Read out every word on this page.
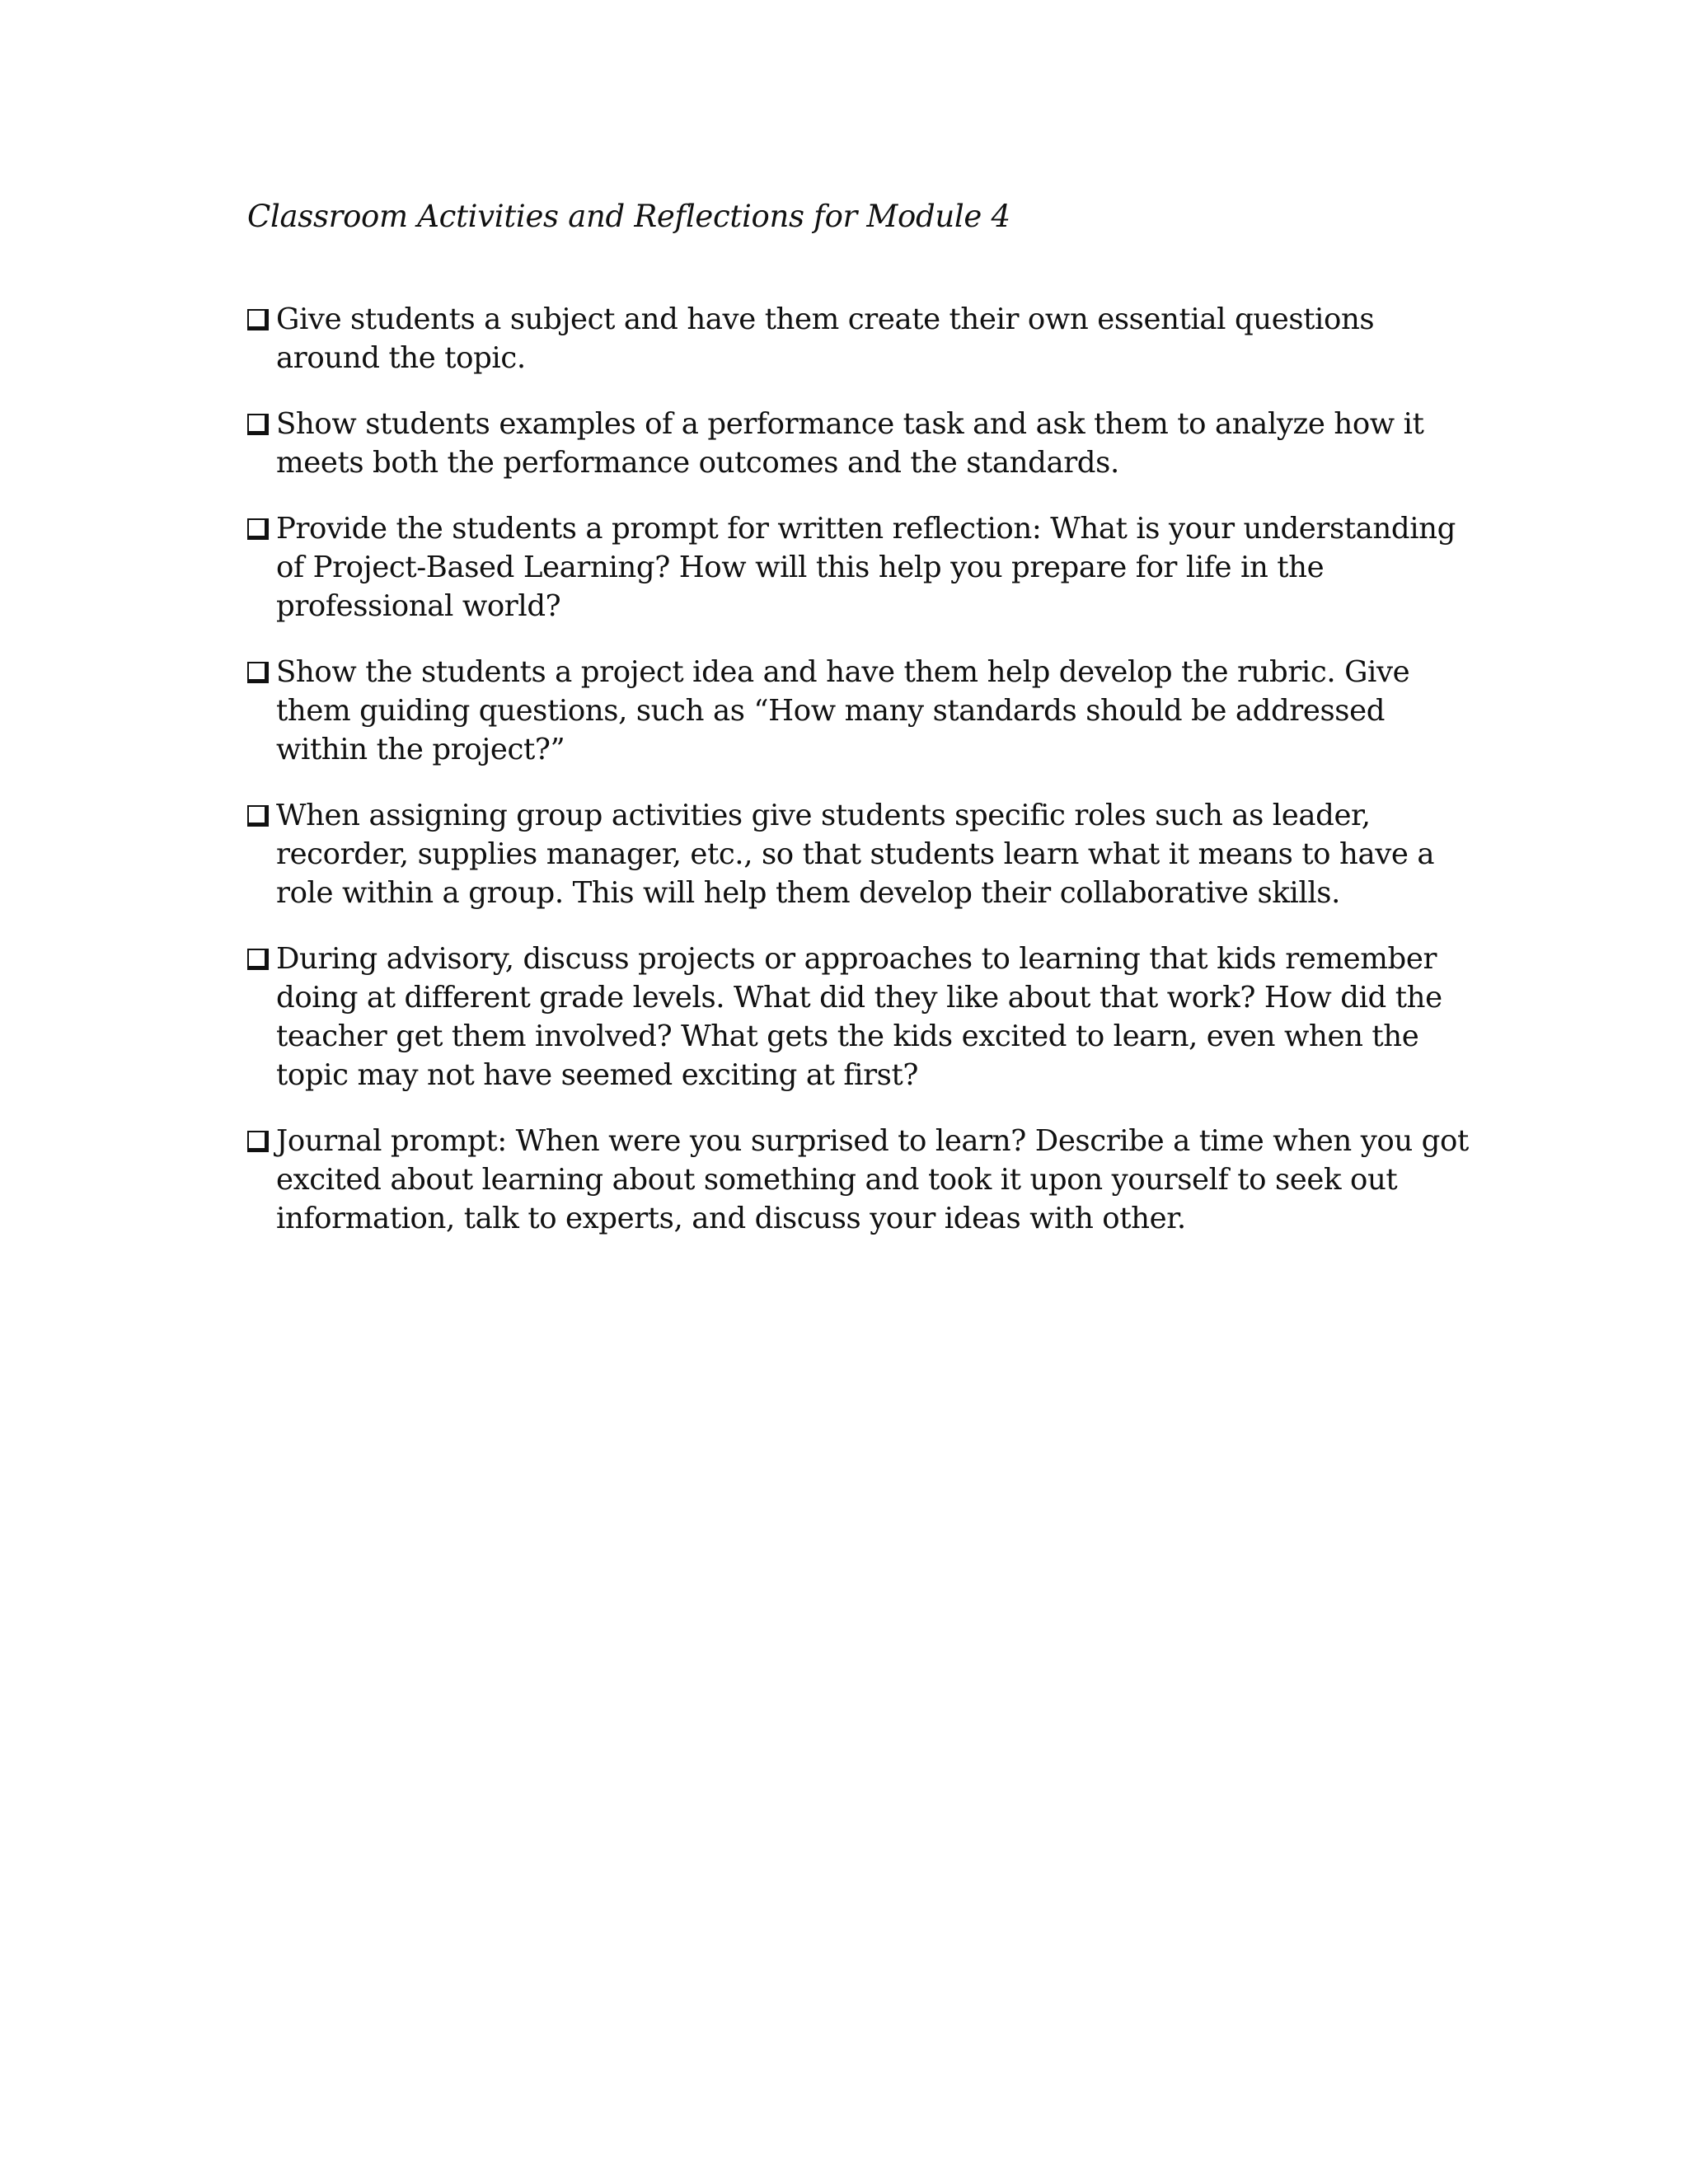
Classroom Activities and Reflections for Module 4
Give students a subject and have them create their own essential questions
around the topic.
Show students examples of a performance task and ask them to analyze how it
meets both the performance outcomes and the standards.
Provide the students a prompt for written reflection: What is your understanding
of Project-Based Learning? How will this help you prepare for life in the
professional world?
Show the students a project idea and have them help develop the rubric. Give
them guiding questions, such as “How many standards should be addressed
within the project?”
When assigning group activities give students specific roles such as leader,
recorder, supplies manager, etc., so that students learn what it means to have a
role within a group. This will help them develop their collaborative skills.
During advisory, discuss projects or approaches to learning that kids remember
doing at different grade levels. What did they like about that work? How did the
teacher get them involved? What gets the kids excited to learn, even when the
topic may not have seemed exciting at first?
Journal prompt: When were you surprised to learn? Describe a time when you got
excited about learning about something and took it upon yourself to seek out
information, talk to experts, and discuss your ideas with other.
